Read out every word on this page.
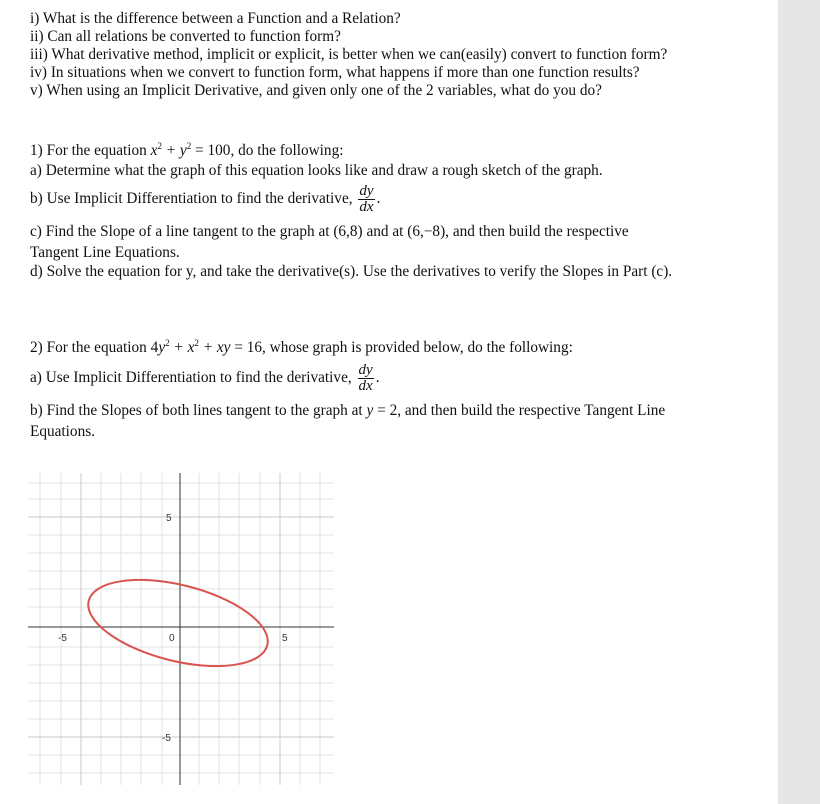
i) What is the difference between a Function and a Relation?
ii) Can all relations be converted to function form?
iii) What derivative method, implicit or explicit, is better when we can(easily) convert to function form?
iv) In situations when we convert to function form, what happens if more than one function results?
v) When using an Implicit Derivative, and given only one of the 2 variables, what do you do?
1) For the equation $x^2 + y^2 = 100$, do the following:
a) Determine what the graph of this equation looks like and draw a rough sketch of the graph.
b) Use Implicit Differentiation to find the derivative, $\frac{dy}{dx}$ .
c) Find the Slope of a line tangent to the graph at (6,8) and at (6,−8), and then build the respective
Tangent Line Equations.
d) Solve the equation for y, and take the derivative(s). Use the derivatives to verify the Slopes in Part (c).
2) For the equation $4y^2 + x^2$ + xy = 16, whose graph is provided below, do the following:
a) Use Implicit Differentiation to find the derivative, $\frac{dy}{dx}$ .
b) Find the Slopes of both lines tangent to the graph at y = 2, and then build the respective Tangent Line
Equations.
5
-5
-5	0	5
